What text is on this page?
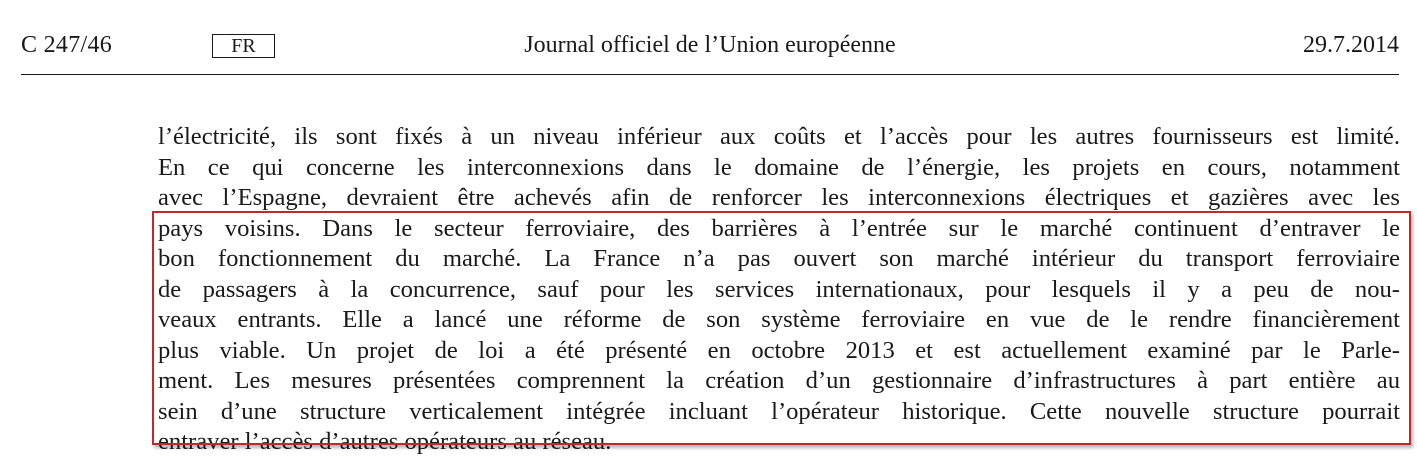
C 247/46	FR	Journal officiel de l’Union européenne	29.7.2014
l’électricité, ils sont fixés à un niveau inférieur aux coûts et l’accès pour les autres fournisseurs est limité.
En ce qui concerne les interconnexions dans le domaine de l’énergie, les projets en cours, notamment
avec l’Espagne, devraient être achevés afin de renforcer les interconnexions électriques et gazières avec les
pays voisins. Dans le secteur ferroviaire, des barrières à l’entrée sur le marché continuent d’entraver le
bon fonctionnement du marché. La France n’a pas ouvert son marché intérieur du transport ferroviaire
de passagers à la concurrence, sauf pour les services internationaux, pour lesquels il y a peu de nou-
veaux entrants. Elle a lancé une réforme de son système ferroviaire en vue de le rendre financièrement
plus viable. Un projet de loi a été présenté en octobre 2013 et est actuellement examiné par le Parle-
ment. Les mesures présentées comprennent la création d’un gestionnaire d’infrastructures à part entière au
sein d’une structure verticalement intégrée incluant l’opérateur historique. Cette nouvelle structure pourrait
entraver l’accès d’autres opérateurs au réseau.
